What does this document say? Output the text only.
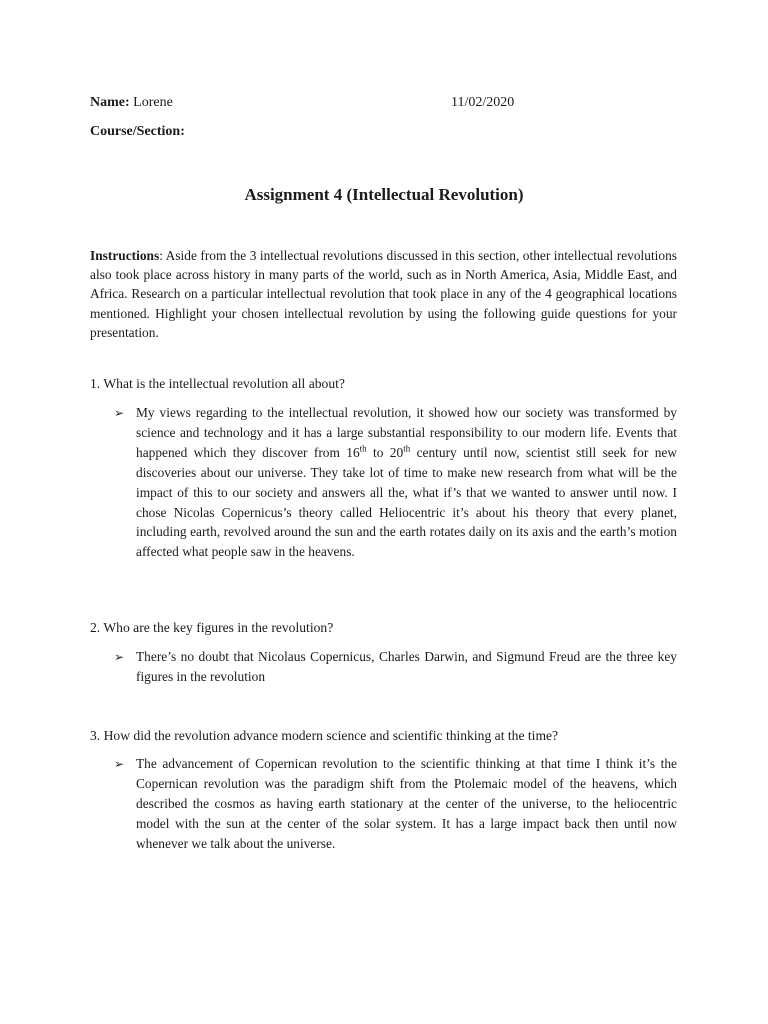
Name: Lorene	11/02/2020
Course/Section:
Assignment 4 (Intellectual Revolution)
Instructions: Aside from the 3 intellectual revolutions discussed in this section, other intellectual revolutions also took place across history in many parts of the world, such as in North America, Asia, Middle East, and Africa. Research on a particular intellectual revolution that took place in any of the 4 geographical locations mentioned. Highlight your chosen intellectual revolution by using the following guide questions for your presentation.
1. What is the intellectual revolution all about?
➢ My views regarding to the intellectual revolution, it showed how our society was transformed by science and technology and it has a large substantial responsibility to our modern life. Events that happened which they discover from 16th to 20th century until now, scientist still seek for new discoveries about our universe. They take lot of time to make new research from what will be the impact of this to our society and answers all the, what if’s that we wanted to answer until now. I chose Nicolas Copernicus’s theory called Heliocentric it’s about his theory that every planet, including earth, revolved around the sun and the earth rotates daily on its axis and the earth’s motion affected what people saw in the heavens.
2. Who are the key figures in the revolution?
➢ There’s no doubt that Nicolaus Copernicus, Charles Darwin, and Sigmund Freud are the three key figures in the revolution
3. How did the revolution advance modern science and scientific thinking at the time?
➢ The advancement of Copernican revolution to the scientific thinking at that time I think it’s the Copernican revolution was the paradigm shift from the Ptolemaic model of the heavens, which described the cosmos as having earth stationary at the center of the universe, to the heliocentric model with the sun at the center of the solar system. It has a large impact back then until now whenever we talk about the universe.
